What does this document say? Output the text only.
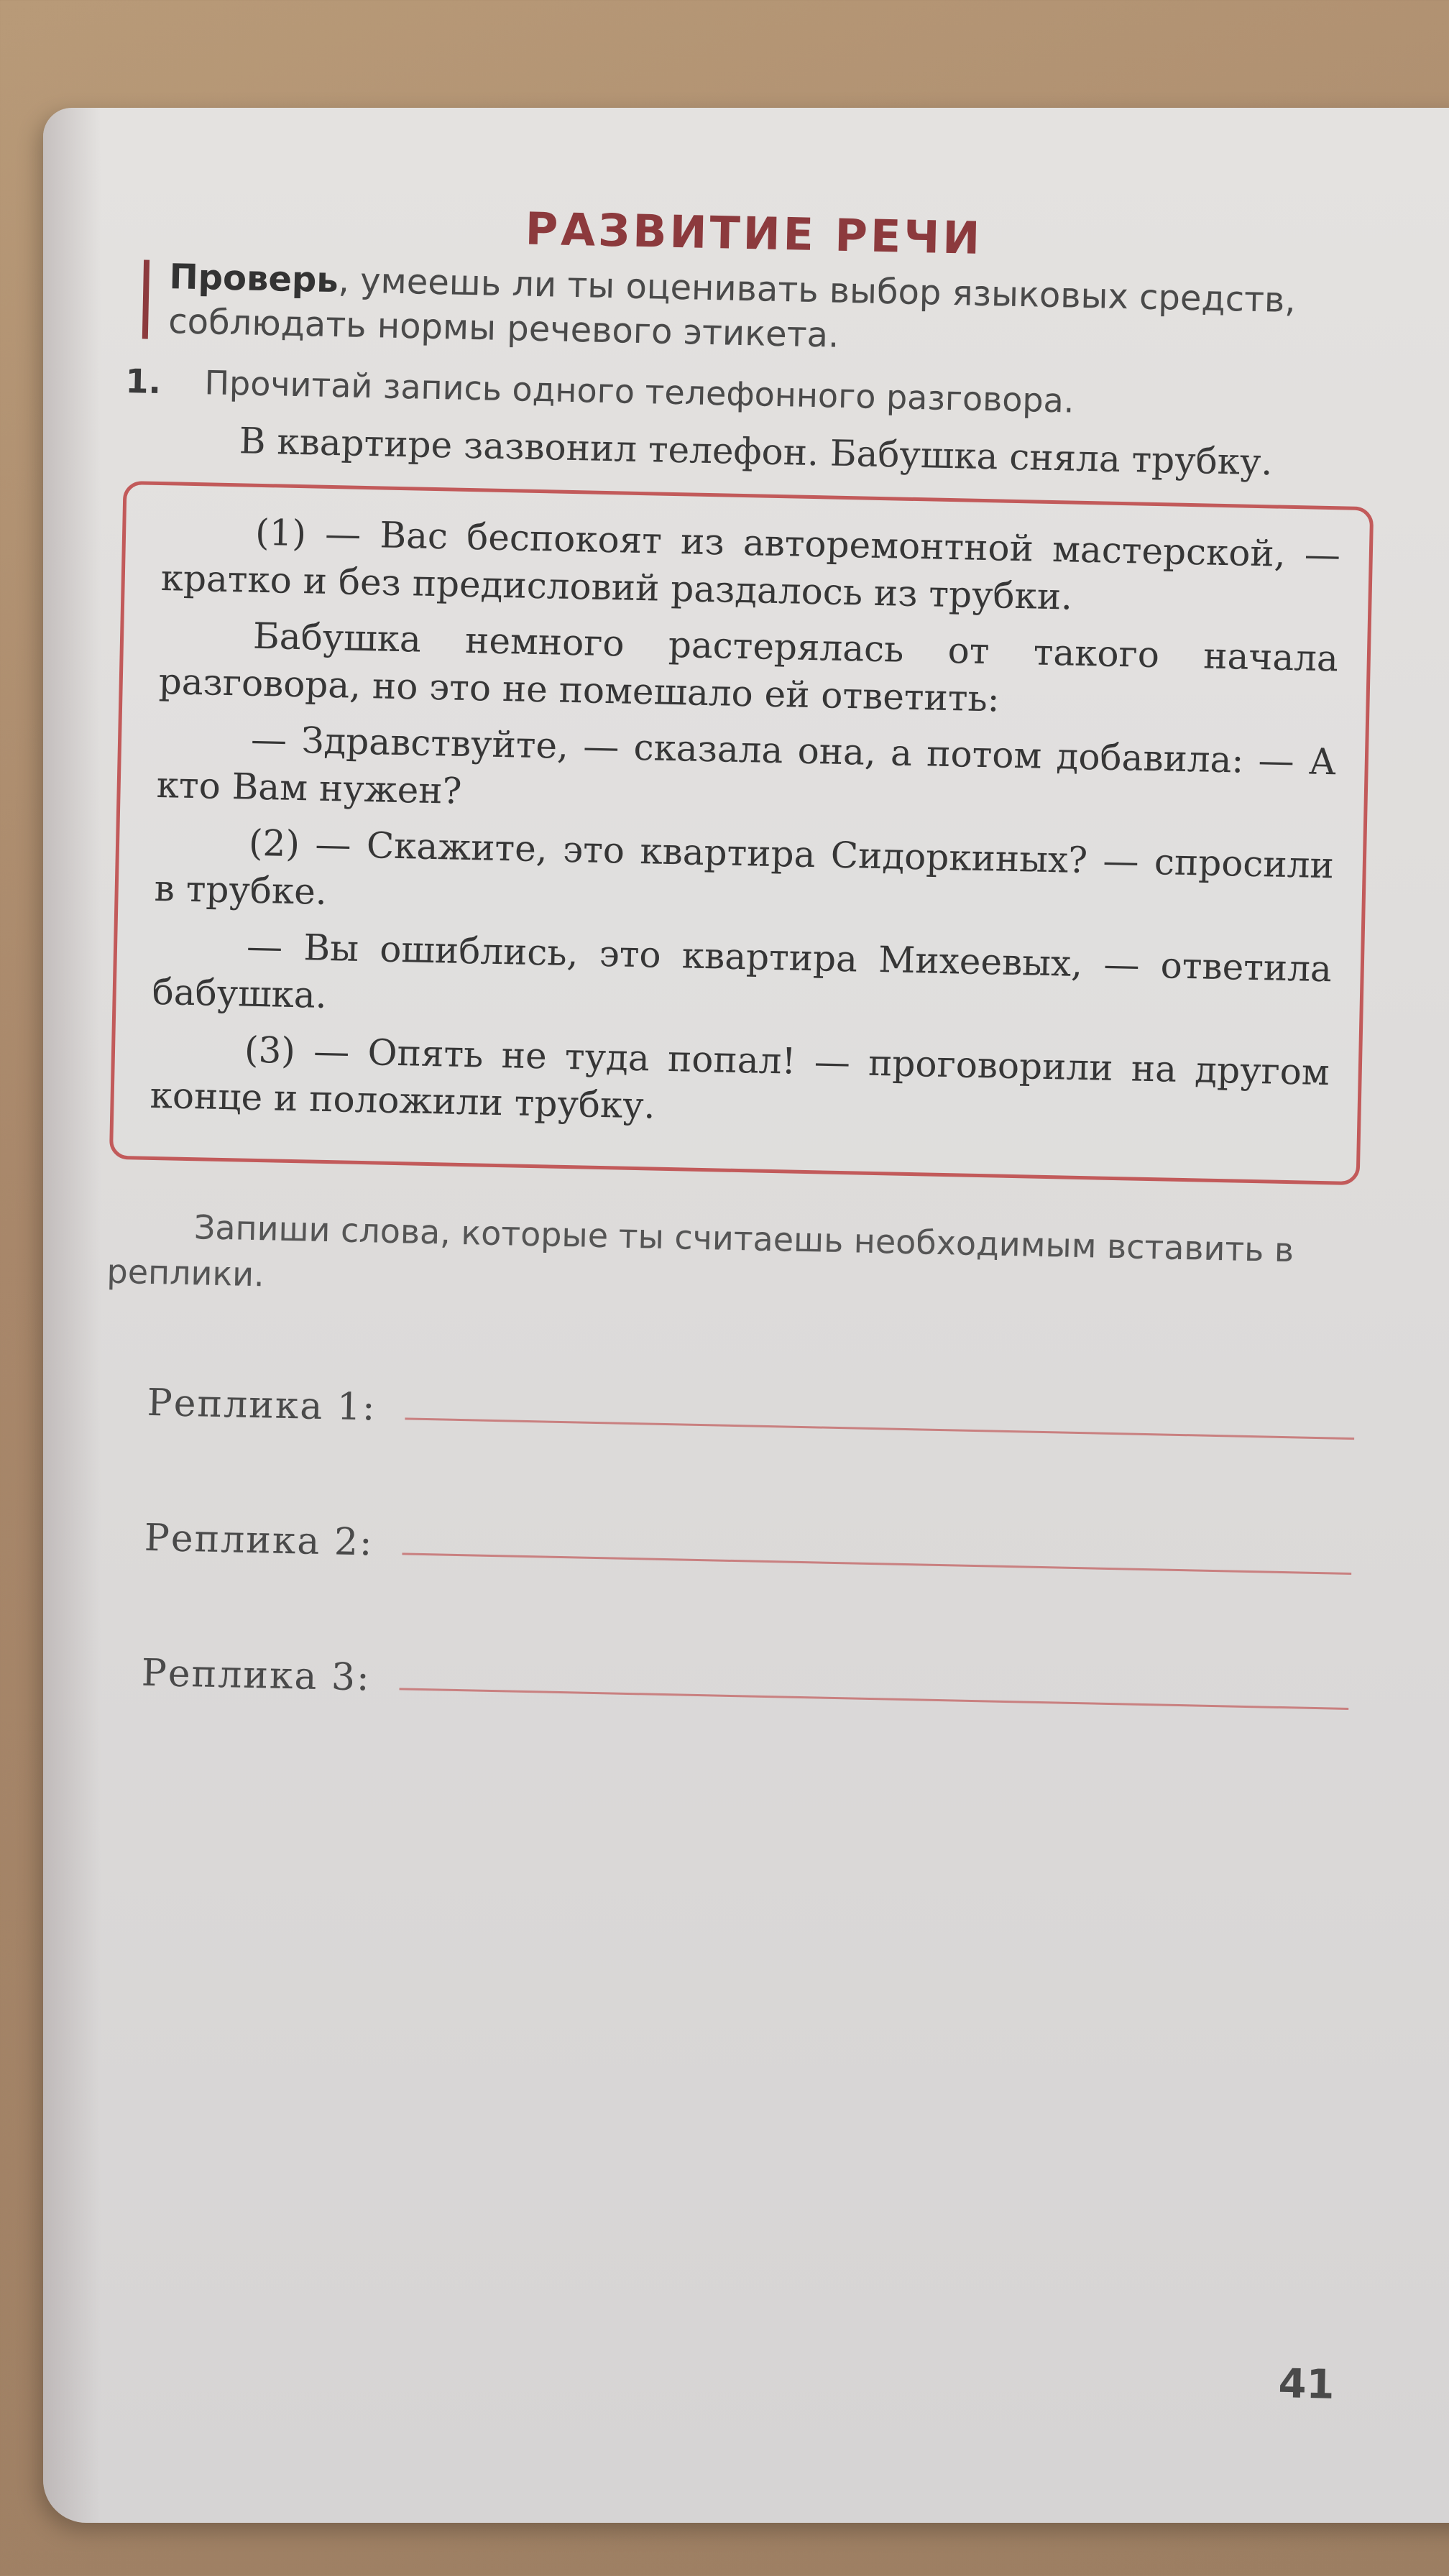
РАЗВИТИЕ РЕЧИ
Проверь, умеешь ли ты оценивать выбор языковых средств, соблюдать нормы речевого этикета.
1. Прочитай запись одного телефонного разговора.

В квартире зазвонил телефон. Бабушка сняла трубку.

(1) — Вас беспокоят из авторемонтной мастерской, — кратко и без предисловий раздалось из трубки.

Бабушка немного растерялась от такого начала разговора, но это не помешало ей ответить:

— Здравствуйте, — сказала она, а потом добавила: — А кто Вам нужен?

(2) — Скажите, это квартира Сидоркиных? — спросили в трубке.

— Вы ошиблись, это квартира Михеевых, — ответила бабушка.

(3) — Опять не туда попал! — проговорили на другом конце и положили трубку.

Запиши слова, которые ты считаешь необходимым вставить в реплики.

Реплика 1:
Реплика 2:
Реплика 3:
41
